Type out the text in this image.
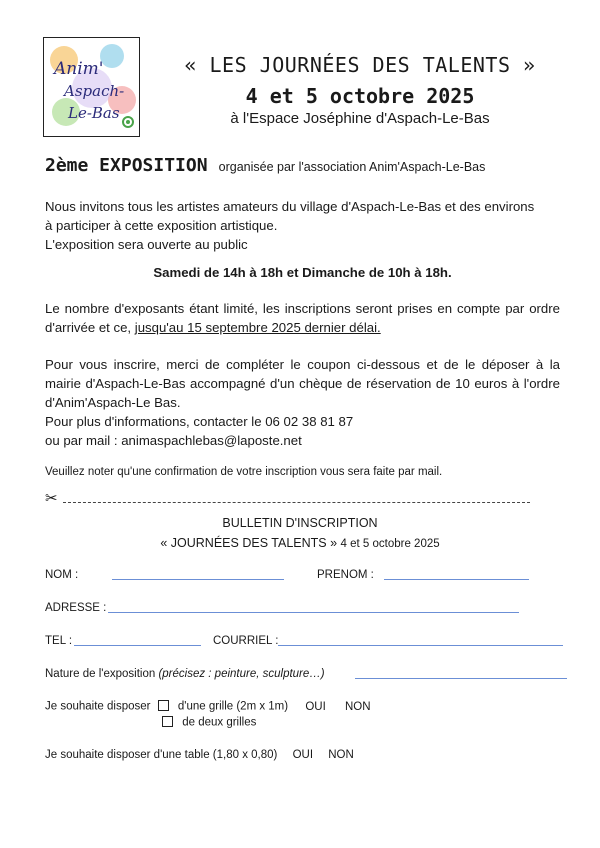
Anim'
Aspach-
Le-Bas
« LES JOURNÉES DES TALENTS »
4 et 5 octobre 2025
à l'Espace Joséphine d'Aspach-Le-Bas
2ème EXPOSITION organisée par l'association Anim'Aspach-Le-Bas
Nous invitons tous les artistes amateurs du village d'Aspach-Le-Bas et des environs
à participer à cette exposition artistique.
L'exposition sera ouverte au public
Samedi de 14h à 18h et Dimanche de 10h à 18h.
Le nombre d'exposants étant limité, les inscriptions seront prises en compte par ordre d'arrivée et ce, jusqu'au 15 septembre 2025 dernier délai.
Pour vous inscrire, merci de compléter le coupon ci-dessous et de le déposer à la mairie d'Aspach-Le-Bas accompagné d'un chèque de réservation de 10 euros à l'ordre d'Anim'Aspach-Le Bas.
Pour plus d'informations, contacter le 06 02 38 81 87
ou par mail : animaspachlebas@laposte.net
Veuillez noter qu'une confirmation de votre inscription vous sera faite par mail.
✂
BULLETIN D'INSCRIPTION
« JOURNÉES DES TALENTS » 4 et 5 octobre 2025
NOM :	PRENOM :
ADRESSE :
TEL :	COURRIEL :
Nature de l'exposition (précisez : peinture, sculpture…)
Je souhaite disposer d'une grille (2m x 1m) OUI NON
de deux grilles
Je souhaite disposer d'une table (1,80 x 0,80) OUI NON
